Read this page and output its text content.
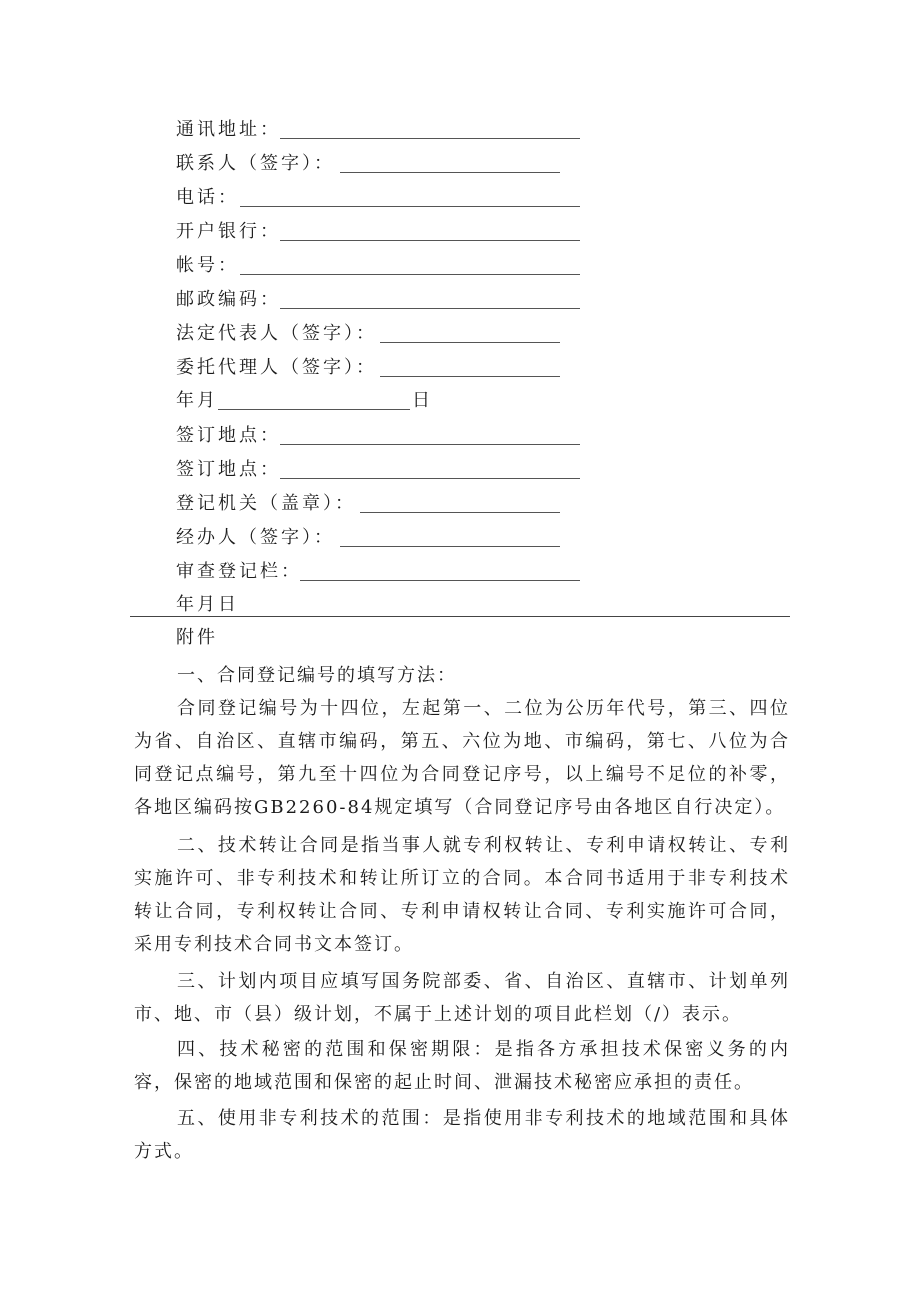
通讯地址：
联系人（签字）：
电话：
开户银行：
帐号：
邮政编码：
法定代表人（签字）：
委托代理人（签字）：
年月	日
签订地点：
签订地点：
登记机关（盖章）：
经办人（签字）：
审查登记栏：
年月日
附件

一、合同登记编号的填写方法：

合同登记编号为十四位，左起第一、二位为公历年代号，第三、四位为省、自治区、直辖市编码，第五、六位为地、市编码，第七、八位为合同登记点编号，第九至十四位为合同登记序号，以上编号不足位的补零，各地区编码按GB2260-84规定填写（合同登记序号由各地区自行决定）。

二、技术转让合同是指当事人就专利权转让、专利申请权转让、专利实施许可、非专利技术和转让所订立的合同。本合同书适用于非专利技术转让合同，专利权转让合同、专利申请权转让合同、专利实施许可合同，采用专利技术合同书文本签订。

三、计划内项目应填写国务院部委、省、自治区、直辖市、计划单列市、地、市（县）级计划，不属于上述计划的项目此栏划（/）表示。

四、技术秘密的范围和保密期限：是指各方承担技术保密义务的内容，保密的地域范围和保密的起止时间、泄漏技术秘密应承担的责任。

五、使用非专利技术的范围：是指使用非专利技术的地域范围和具体方式。
